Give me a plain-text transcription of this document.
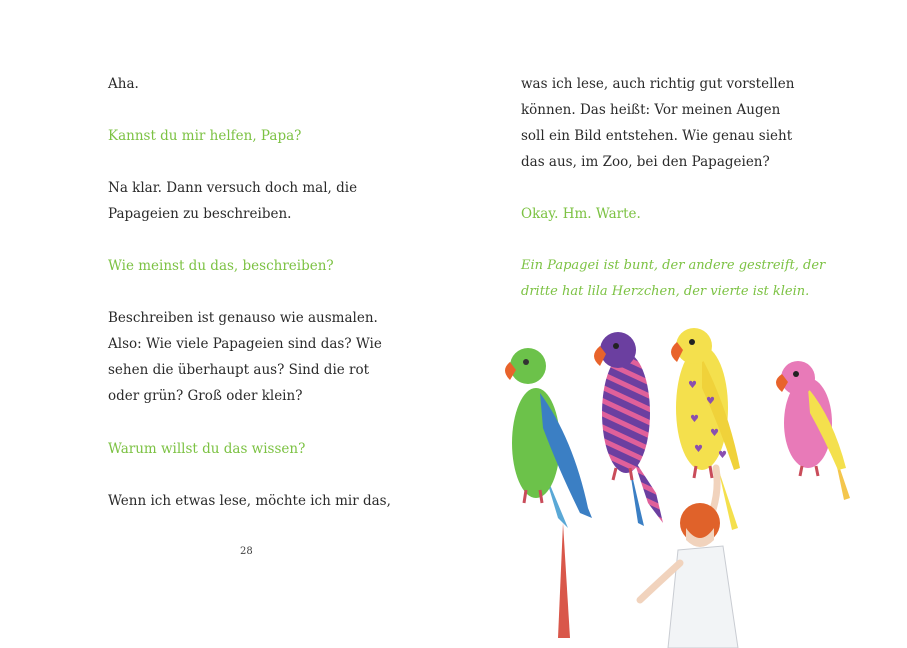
Aha.

Kannst du mir helfen, Papa?

Na klar. Dann versuch doch mal, die
Papageien zu beschreiben.

Wie meinst du das, beschreiben?

Beschreiben ist genauso wie ausmalen.
Also: Wie viele Papageien sind das? Wie
sehen die überhaupt aus? Sind die rot
oder grün? Groß oder klein?

Warum willst du das wissen?

Wenn ich etwas lese, möchte ich mir das,

28

was ich lese, auch richtig gut vorstellen
können. Das heißt: Vor meinen Augen
soll ein Bild entstehen. Wie genau sieht
das aus, im Zoo, bei den Papageien?

Okay. Hm. Warte.

Ein Papagei ist bunt, der andere gestreift, der
dritte hat lila Herzchen, der vierte ist klein.

♥
♥
♥
♥
♥
♥
